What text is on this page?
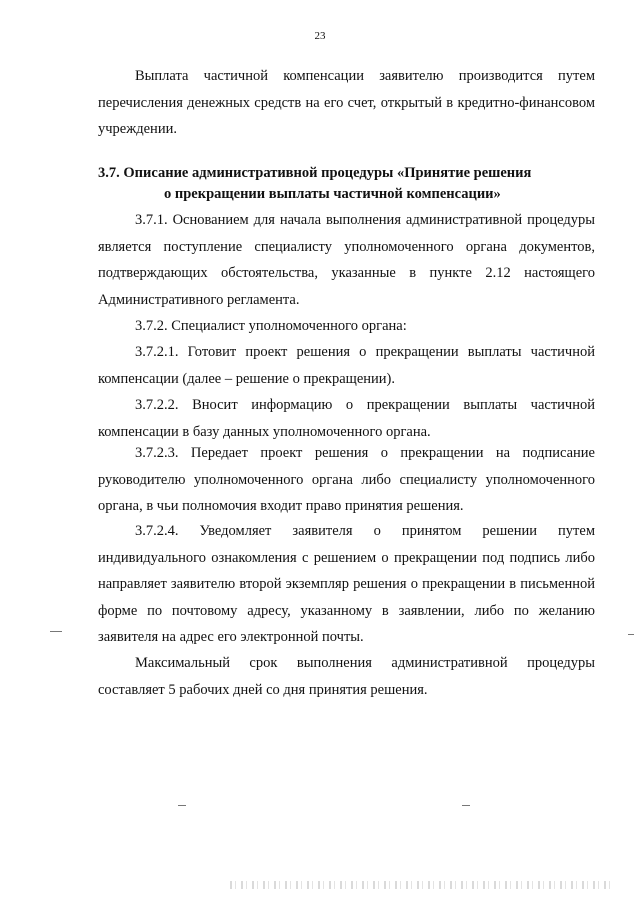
23
Выплата частичной компенсации заявителю производится путем перечисления денежных средств на его счет, открытый в кредитно-финансовом учреждении.
3.7. Описание административной процедуры «Принятие решения
о прекращении выплаты частичной компенсации»
3.7.1. Основанием для начала выполнения административной процедуры является поступление специалисту уполномоченного органа документов, подтверждающих обстоятельства, указанные в пункте 2.12 настоящего Административного регламента.
3.7.2. Специалист уполномоченного органа:
3.7.2.1. Готовит проект решения о прекращении выплаты частичной компенсации (далее – решение о прекращении).
3.7.2.2. Вносит информацию о прекращении выплаты частичной компенсации в базу данных уполномоченного органа.
3.7.2.3. Передает проект решения о прекращении на подписание руководителю уполномоченного органа либо специалисту уполномоченного органа, в чьи полномочия входит право принятия решения.
3.7.2.4. Уведомляет заявителя о принятом решении путем индивидуального ознакомления с решением о прекращении под подпись либо направляет заявителю второй экземпляр решения о прекращении в письменной форме по почтовому адресу, указанному в заявлении, либо по желанию заявителя на адрес его электронной почты.
Максимальный срок выполнения административной процедуры составляет 5 рабочих дней со дня принятия решения.
